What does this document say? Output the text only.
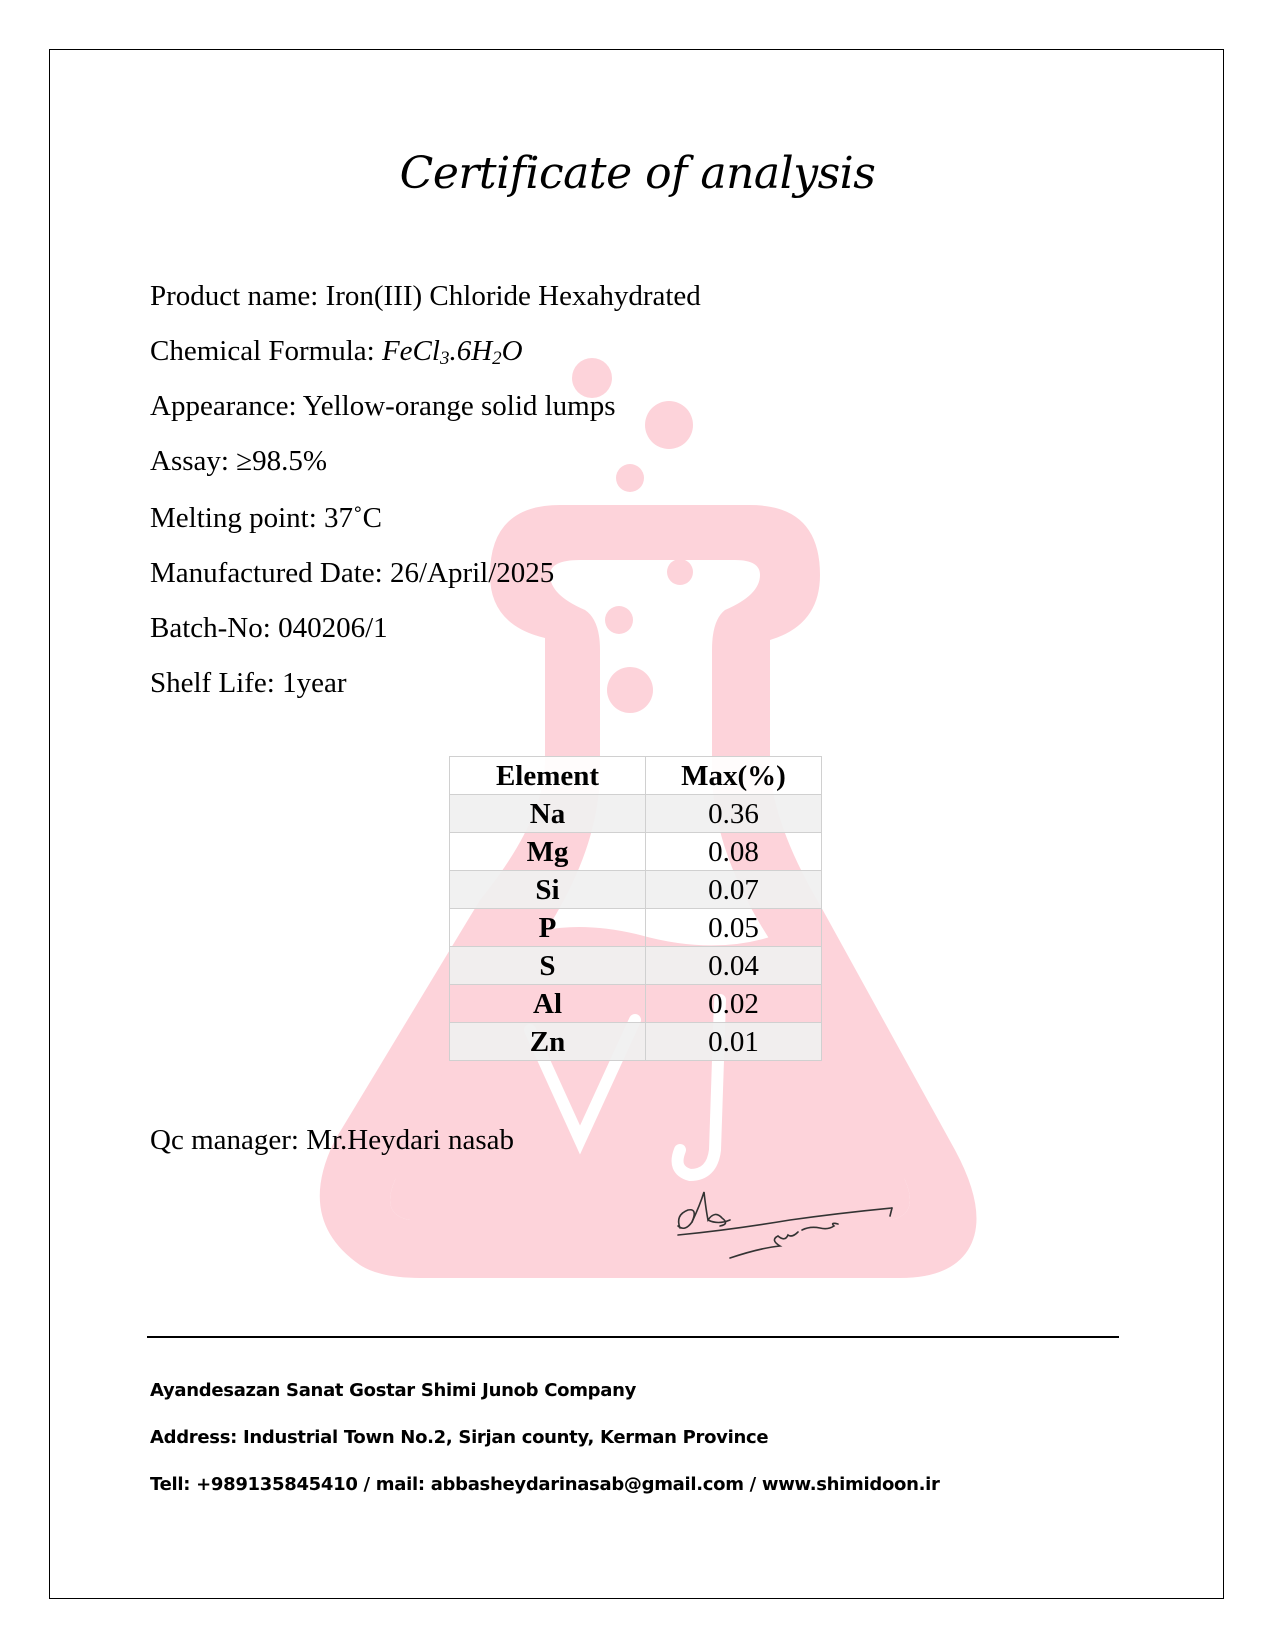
Certificate of analysis
Product name: Iron(III) Chloride Hexahydrated
Chemical Formula: $FeCl_3.6H_2O$
Appearance: Yellow-orange solid lumps
Assay: ≥98.5%
Melting point: 37˚C
Manufactured Date: 26/April/2025
Batch-No: 040206/1
Shelf Life: 1year
Element	Max(%)
Na	0.36
Mg	0.08
Si	0.07
P	0.05
S	0.04
Al	0.02
Zn	0.01
Qc manager: Mr.Heydari nasab
Ayandesazan Sanat Gostar Shimi Junob Company
Address: Industrial Town No.2, Sirjan county, Kerman Province
Tell: +989135845410 / mail: abbasheydarinasab@gmail.com / www.shimidoon.ir
